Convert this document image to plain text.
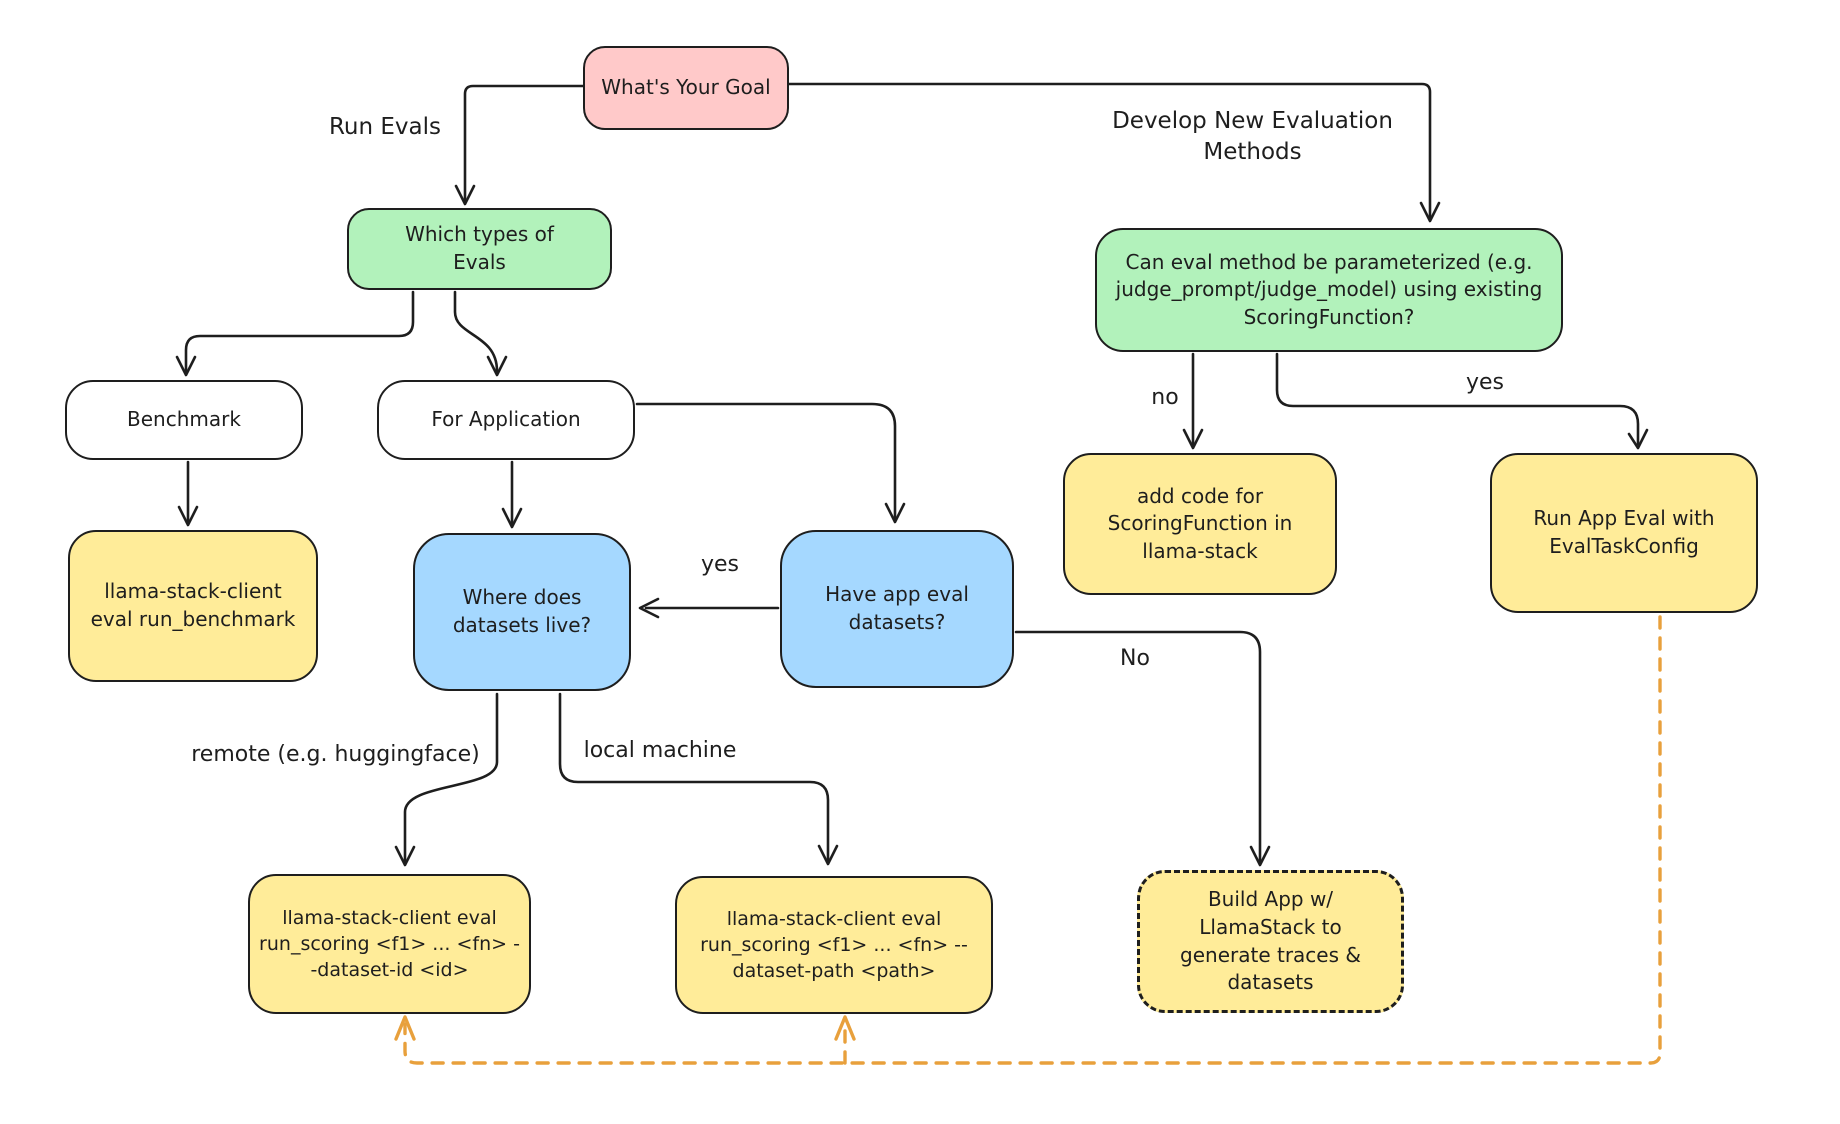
What's Your Goal
Which types of Evals
Benchmark	For Application
llama-stack-client eval run_benchmark
Where does datasets live?
Have app eval datasets?
Can eval method be parameterized (e.g. judge_prompt/judge_model) using existing ScoringFunction?
add code for ScoringFunction in llama-stack
Run App Eval with EvalTaskConfig
llama-stack-client eval run_scoring <f1> ... <fn> --dataset-id <id>
llama-stack-client eval run_scoring <f1> ... <fn> --dataset-path <path>
Build App w/ LlamaStack to generate traces & datasets
Run Evals	Develop New Evaluation Methods
yes
No
no
yes
remote (e.g. huggingface)	local machine
